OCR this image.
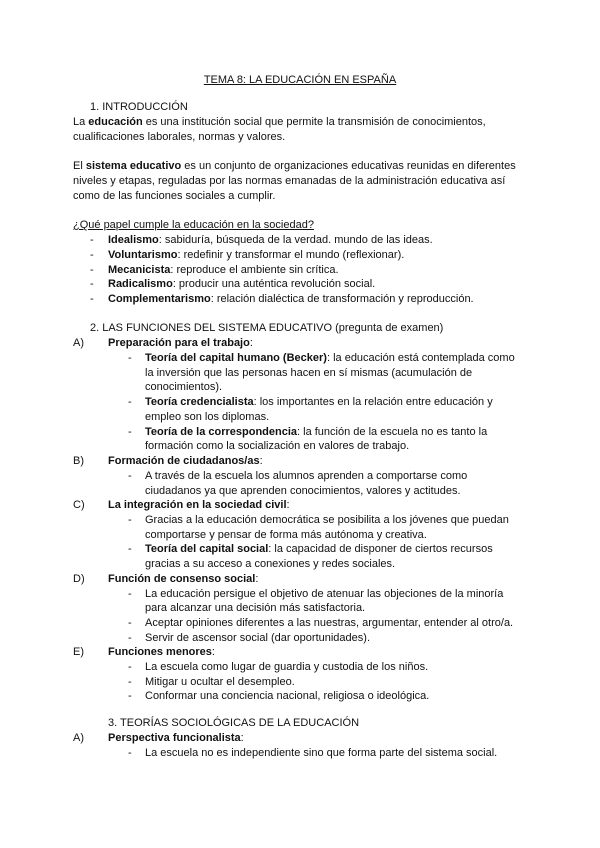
TEMA 8: LA EDUCACIÓN EN ESPAÑA
1. INTRODUCCIÓN
La educación es una institución social que permite la transmisión de conocimientos,
cualificaciones laborales, normas y valores.
El sistema educativo es un conjunto de organizaciones educativas reunidas en diferentes
niveles y etapas, reguladas por las normas emanadas de la administración educativa así
como de las funciones sociales a cumplir.
¿Qué papel cumple la educación en la sociedad?
- Idealismo: sabiduría, búsqueda de la verdad. mundo de las ideas.
- Voluntarismo: redefinir y transformar el mundo (reflexionar).
- Mecanicista: reproduce el ambiente sin crítica.
- Radicalismo: producir una auténtica revolución social.
- Complementarismo: relación dialéctica de transformación y reproducción.
2. LAS FUNCIONES DEL SISTEMA EDUCATIVO (pregunta de examen)
A) Preparación para el trabajo:
- Teoría del capital humano (Becker): la educación está contemplada como
la inversión que las personas hacen en sí mismas (acumulación de
conocimientos).
- Teoría credencialista: los importantes en la relación entre educación y
empleo son los diplomas.
- Teoría de la correspondencia: la función de la escuela no es tanto la
formación como la socialización en valores de trabajo.
B) Formación de ciudadanos/as:
- A través de la escuela los alumnos aprenden a comportarse como
ciudadanos ya que aprenden conocimientos, valores y actitudes.
C) La integración en la sociedad civil:
- Gracias a la educación democrática se posibilita a los jóvenes que puedan
comportarse y pensar de forma más autónoma y creativa.
- Teoría del capital social: la capacidad de disponer de ciertos recursos
gracias a su acceso a conexiones y redes sociales.
D) Función de consenso social:
- La educación persigue el objetivo de atenuar las objeciones de la minoría
para alcanzar una decisión más satisfactoria.
- Aceptar opiniones diferentes a las nuestras, argumentar, entender al otro/a.
- Servir de ascensor social (dar oportunidades).
E) Funciones menores:
- La escuela como lugar de guardia y custodia de los niños.
- Mitigar u ocultar el desempleo.
- Conformar una conciencia nacional, religiosa o ideológica.
3. TEORÍAS SOCIOLÓGICAS DE LA EDUCACIÓN
A) Perspectiva funcionalista:
- La escuela no es independiente sino que forma parte del sistema social.
